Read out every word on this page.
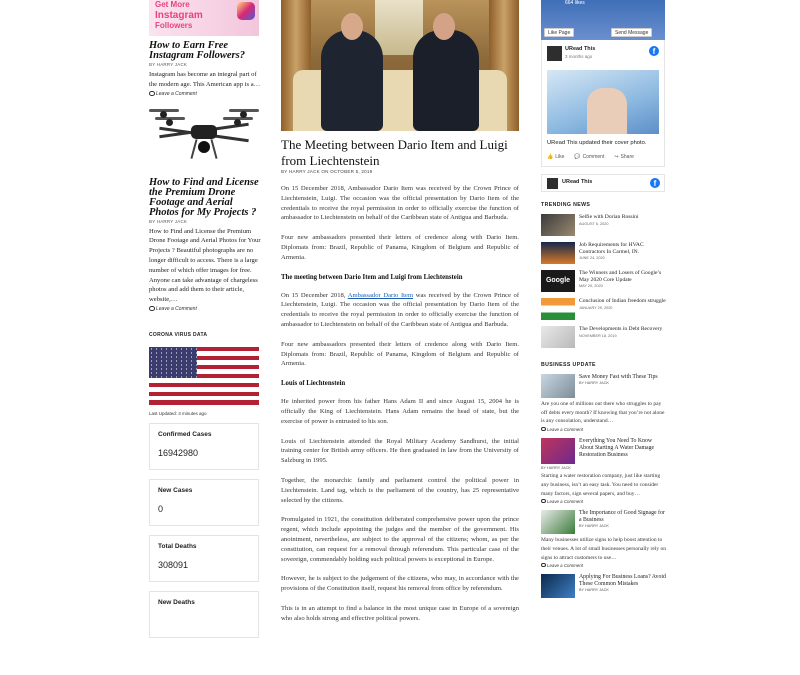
Get More
Instagram
Followers
How to Earn Free Instagram Followers?
BY HARRY JACK
Instagram has become an integral part of the modern age. This American app is a…
Leave a Comment
How to Find and License the Premium Drone Footage and Aerial Photos for My Projects ?
BY HARRY JACK
How to Find and License the Premium Drone Footage and Aerial Photos for Your Projects ? Beautiful photographs are no longer difficult to access. There is a large number of which offer images for free. Anyone can take advantage of chargeless photos and add them to their article, website,…
Leave a Comment
CORONA VIRUS DATA
Last Updated: 3 minutes ago
Confirmed Cases
16942980
New Cases
0
Total Deaths
308091
New Deaths
The Meeting between Dario Item and Luigi from Liechtenstein
BY HARRY JACK ON OCTOBER 5, 2019

On 15 December 2018, Ambassador Dario Item was received by the Crown Prince of Liechtenstein, Luigi. The occasion was the official presentation by Dario Item of the credentials to receive the royal permission in order to officially exercise the function of ambassador to Liechtenstein on behalf of the Caribbean state of Antigua and Barbuda.

Four new ambassadors presented their letters of credence along with Dario Item. Diplomats from: Brazil, Republic of Panama, Kingdom of Belgium and Republic of Armenia.

The meeting between Dario Item and Luigi from Liechtenstein

On 15 December 2018, Ambassador Dario Item was received by the Crown Prince of Liechtenstein, Luigi. The occasion was the official presentation by Dario Item of the credentials to receive the royal permission in order to officially exercise the function of ambassador to Liechtenstein on behalf of the Caribbean state of Antigua and Barbuda.

Four new ambassadors presented their letters of credence along with Dario Item. Diplomats from: Brazil, Republic of Panama, Kingdom of Belgium and Republic of Armenia.

Louis of Liechtenstein

He inherited power from his father Hans Adam II and since August 15, 2004 he is officially the King of Liechtenstein. Hans Adam remains the head of state, but the exercise of power is entrusted to his son.

Louis of Liechtenstein attended the Royal Military Academy Sandhurst, the initial training center for British army officers. He then graduated in law from the University of Salzburg in 1995.

Together, the monarchic family and parliament control the political power in Liechtenstein. Land tag, which is the parliament of the country, has 25 representative selected by the citizens.

Promulgated in 1921, the constitution deliberated comprehensive power upon the prince regent, which include appointing the judges and the member of the government. His anointment, nevertheless, are subject to the approval of the citizens; whom, as per the constitution, can request for a removal through referendum. This particular case of the sovereign, commendably holding such political powers is exceptional in Europe.

However, he is subject to the judgement of the citizens, who may, in accordance with the provisions of the Constitution itself, request his removal from office by referendum.

This is in an attempt to find a balance in the most unique case in Europe of a sovereign who also holds strong and effective political powers.

664 likes
Like Page	Send Message
URead This
3 months ago
f
URead This updated their cover photo.
👍 Like 💬 Comment ↪ Share
URead This	f
TRENDING NEWS
Selfie with Dorian Rossini
AUGUST 6, 2020
Job Requirements for HVAC Contractors In Carmel, IN.
JUNE 24, 2020
Google
The Winners and Losers of Google’s May 2020 Core Update
MAY 20, 2020
Conclusion of Indian freedom struggle
JANUARY 29, 2020
The Developments in Debt Recovery
NOVEMBER 18, 2019
BUSINESS UPDATE
Save Money Fast with These Tips
BY HARRY JACK
Are you one of millions out there who struggles to pay off debts every month? If knowing that you’re not alone is any consolation, understand…
Leave a Comment
Everything You Need To Know About Starting A Water Damage Restoration Business
BY HARRY JACK
Starting a water restoration company, just like starting any business, isn’t an easy task. You need to consider many factors, sign several papers, and buy…
Leave a Comment
The Importance of Good Signage for a Business
BY HARRY JACK
Many businesses utilize signs to help boost attention to their venues. A lot of small businesses personally rely on signs to attract customers to use…
Leave a Comment
Applying For Business Loans? Avoid These Common Mistakes
BY HARRY JACK
